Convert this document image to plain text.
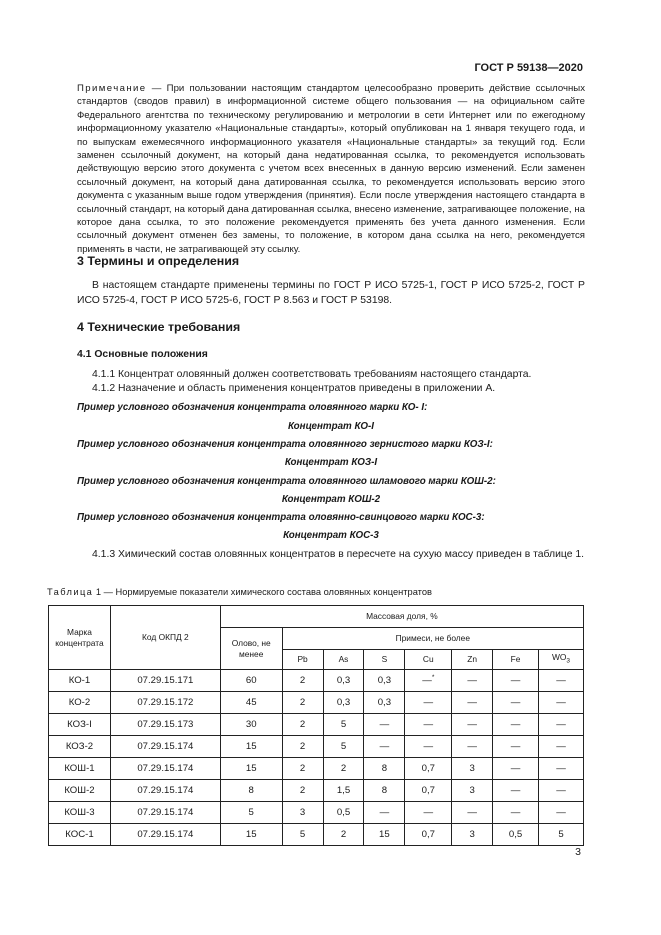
ГОСТ Р 59138—2020

Примечание — При пользовании настоящим стандартом целесообразно проверить действие ссылочных стандартов (сводов правил) в информационной системе общего пользования — на официальном сайте Федерального агентства по техническому регулированию и метрологии в сети Интернет или по ежегодному информационному указателю «Национальные стандарты», который опубликован на 1 января текущего года, и по выпускам ежемесячного информационного указателя «Национальные стандарты» за текущий год. Если заменен ссылочный документ, на который дана недатированная ссылка, то рекомендуется использовать действующую версию этого документа с учетом всех внесенных в данную версию изменений. Если заменен ссылочный документ, на который дана датированная ссылка, то рекомендуется использовать версию этого документа с указанным выше годом утверждения (принятия). Если после утверждения настоящего стандарта в ссылочный стандарт, на который дана датированная ссылка, внесено изменение, затрагивающее положение, на которое дана ссылка, то это положение рекомендуется применять без учета данного изменения. Если ссылочный документ отменен без замены, то положение, в котором дана ссылка на него, рекомендуется применять в части, не затрагивающей эту ссылку.

3 Термины и определения

В настоящем стандарте применены термины по ГОСТ Р ИСО 5725-1, ГОСТ Р ИСО 5725-2, ГОСТ Р ИСО 5725-4, ГОСТ Р ИСО 5725-6, ГОСТ Р 8.563 и ГОСТ Р 53198.

4 Технические требования
4.1 Основные положения

4.1.1 Концентрат оловянный должен соответствовать требованиям настоящего стандарта.

4.1.2 Назначение и область применения концентратов приведены в приложении А.

Пример условного обозначения концентрата оловянного марки КО- I:
Концентрат КО-I
Пример условного обозначения концентрата оловянного зернистого марки КОЗ-I:
Концентрат КОЗ-I
Пример условного обозначения концентрата оловянного шламового марки КОШ-2:
Концентрат КОШ-2
Пример условного обозначения концентрата оловянно-свинцового марки КОС-3:
Концентрат КОС-3

4.1.3 Химический состав оловянных концентратов в пересчете на сухую массу приведен в таблице 1.

Таблица 1 — Нормируемые показатели химического состава оловянных концентратов
Марка концентрата	Код ОКПД 2	Массовая доля, %							
		Олово, не менее	Примеси, не более						
			Pb	As	S	Cu	Zn	Fe	$WO_3$
КО-1	07.29.15.171	60	2	0,3	0,3	—*	—	—	—
КО-2	07.29.15.172	45	2	0,3	0,3	—	—	—	—
КОЗ-I	07.29.15.173	30	2	5	—	—	—	—	—
КОЗ-2	07.29.15.174	15	2	5	—	—	—	—	—
КОШ-1	07.29.15.174	15	2	2	8	0,7	3	—	—
КОШ-2	07.29.15.174	8	2	1,5	8	0,7	3	—	—
КОШ-3	07.29.15.174	5	3	0,5	—	—	—	—	—
КОС-1	07.29.15.174	15	5	2	15	0,7	3	0,5	5
3
